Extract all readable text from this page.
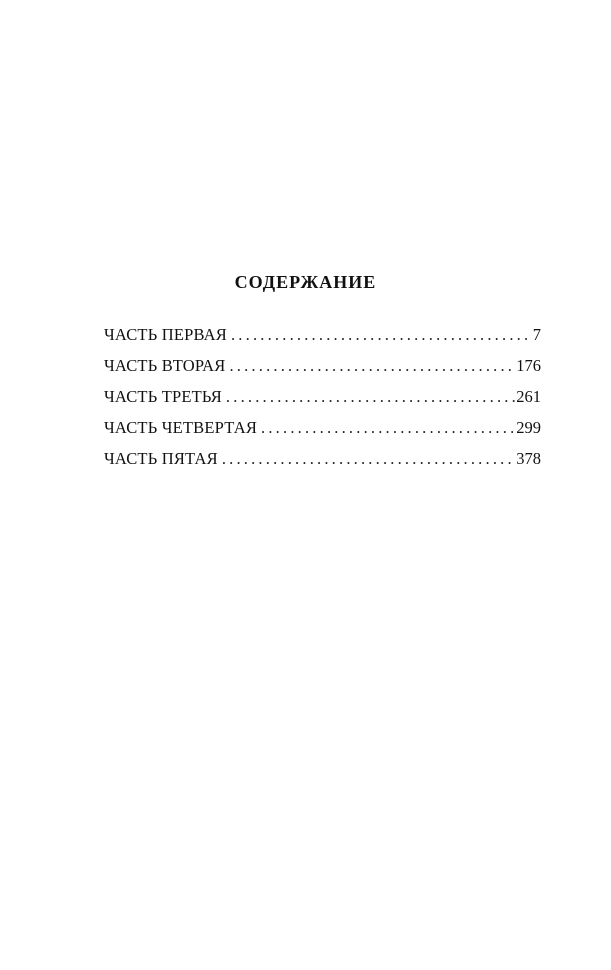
СОДЕРЖАНИЕ
ЧАСТЬ ПЕРВАЯ .....	7
ЧАСТЬ ВТОРАЯ .....	176
ЧАСТЬ ТРЕТЬЯ .....	261
ЧАСТЬ ЧЕТВЕРТАЯ .....	299
ЧАСТЬ ПЯТАЯ .....	378
